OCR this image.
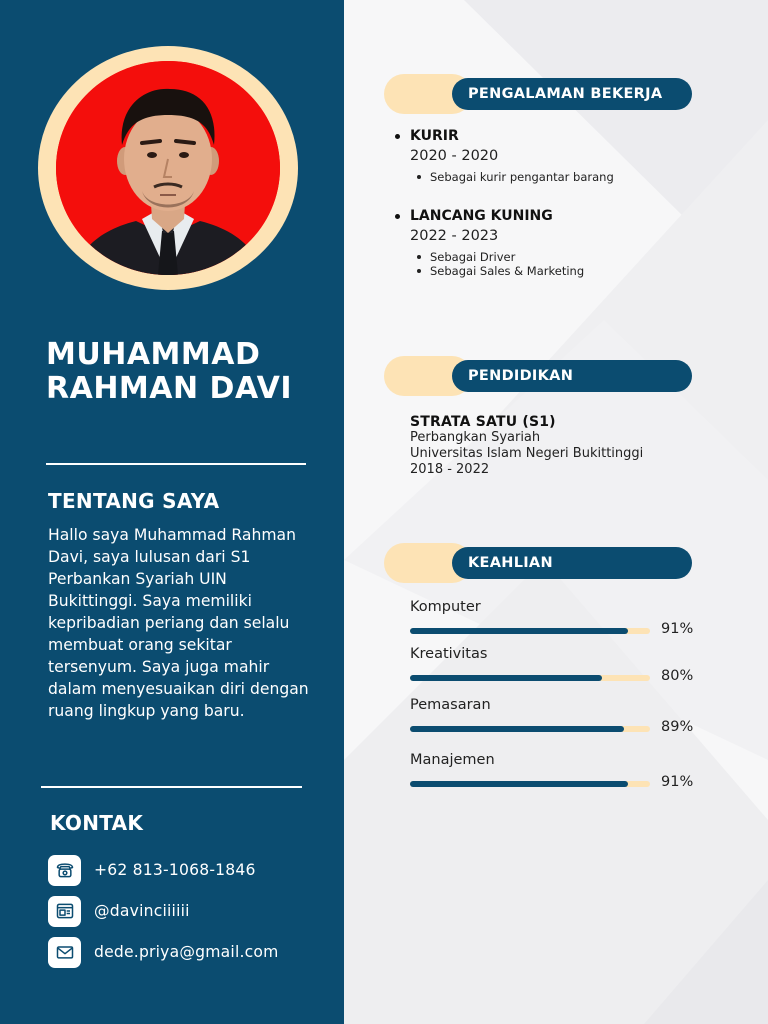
MUHAMMAD
RAHMAN DAVI
TENTANG SAYA
Hallo saya Muhammad Rahman Davi, saya lulusan dari S1 Perbankan Syariah UIN Bukittinggi. Saya memiliki kepribadian periang dan selalu membuat orang sekitar tersenyum. Saya juga mahir dalam menyesuaikan diri dengan ruang lingkup yang baru.
KONTAK
+62 813-1068-1846
@davinciiiiii
dede.priya@gmail.com
PENGALAMAN BEKERJA
KURIR
2020 - 2020
Sebagai kurir pengantar barang
LANCANG KUNING
2022 - 2023
Sebagai Driver
Sebagai Sales & Marketing
PENDIDIKAN
STRATA SATU (S1)
Perbangkan Syariah
Universitas Islam Negeri Bukittinggi
2018 - 2022
KEAHLIAN
Komputer
91%
Kreativitas
80%
Pemasaran
89%
Manajemen
91%
